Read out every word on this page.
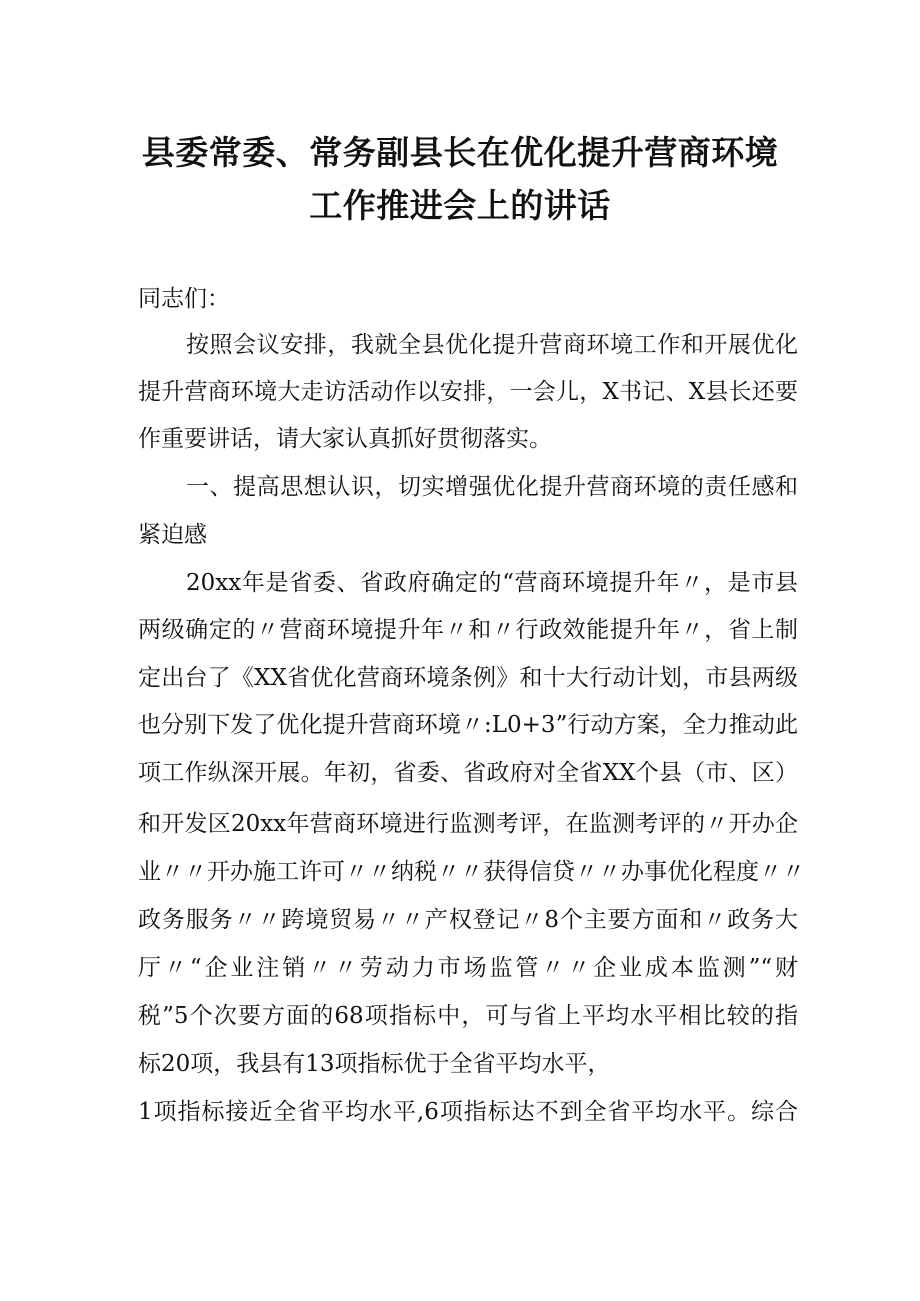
县委常委、常务副县长在优化提升营商环境
工作推进会上的讲话
同志们：
按照会议安排，我就全县优化提升营商环境工作和开展优化
提升营商环境大走访活动作以安排，一会儿，X书记、X县长还要
作重要讲话，请大家认真抓好贯彻落实。
一、提高思想认识，切实增强优化提升营商环境的责任感和
紧迫感
20xx年是省委、省政府确定的“营商环境提升年〃，是市县
两级确定的〃营商环境提升年〃和〃行政效能提升年〃，省上制
定出台了《XX省优化营商环境条例》和十大行动计划，市县两级
也分别下发了优化提升营商环境〃:L0+3”行动方案，全力推动此
项工作纵深开展。年初，省委、省政府对全省XX个县（市、区）
和开发区20xx年营商环境进行监测考评，在监测考评的〃开办企
业〃〃开办施工许可〃〃纳税〃〃获得信贷〃〃办事优化程度〃〃
政务服务〃〃跨境贸易〃〃产权登记〃8个主要方面和〃政务大
厅〃“企业注销〃〃劳动力市场监管〃〃企业成本监测”“财
税”5个次要方面的68项指标中，可与省上平均水平相比较的指
标20项，我县有13项指标优于全省平均水平，
1项指标接近全省平均水平,6项指标达不到全省平均水平。综合
